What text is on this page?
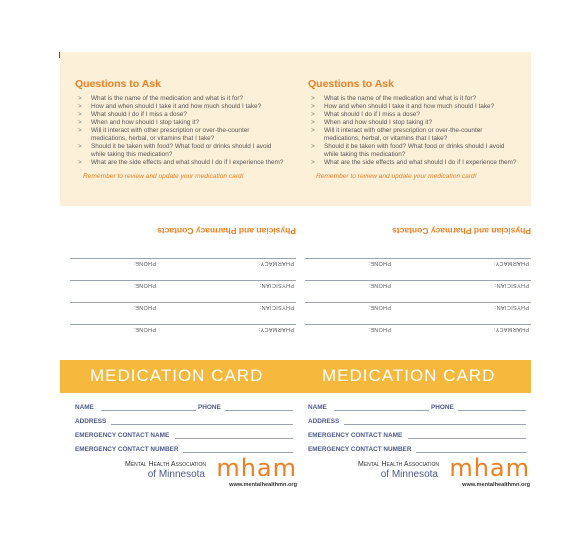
Questions to Ask
> What is the name of the medication and what is it for?
> How and when should I take it and how much should I take?
> What should I do if I miss a dose?
> When and how should I stop taking it?
> Will it interact with other prescription or over-the-counter medications, herbal, or vitamins that I take?
> Should it be taken with food? What food or drinks should I avoid while taking this medication?
> What are the side effects and what should I do if I experience them?
Remember to review and update your medication card!
Questions to Ask
> What is the name of the medication and what is it for?
> How and when should I take it and how much should I take?
> What should I do if I miss a dose?
> When and how should I stop taking it?
> Will it interact with other prescription or over-the-counter medications, herbal, or vitamins that I take?
> Should it be taken with food? What food or drinks should I avoid while taking this medication?
> What are the side effects and what should I do if I experience them?
Remember to review and update your medication card!
Physician and Pharmacy Contacts
PHARMACY:
PHONE:
PHYSICIAN:
PHONE:
PHYSICIAN:
PHONE:
PHARMACY:
PHONE:
Physician and Pharmacy Contacts
PHARMACY:
PHONE:
PHYSICIAN:
PHONE:
PHYSICIAN:
PHONE:
PHARMACY:
PHONE:
MEDICATION CARD	MEDICATION CARD
NAME	PHONE
ADDRESS
EMERGENCY CONTACT NAME
EMERGENCY CONTACT NUMBER
NAME	PHONE
ADDRESS
EMERGENCY CONTACT NAME
EMERGENCY CONTACT NUMBER
Mental Health Association
of Minnesota mham
www.mentalhealthmn.org
Mental Health Association
of Minnesota mham
www.mentalhealthmn.org
